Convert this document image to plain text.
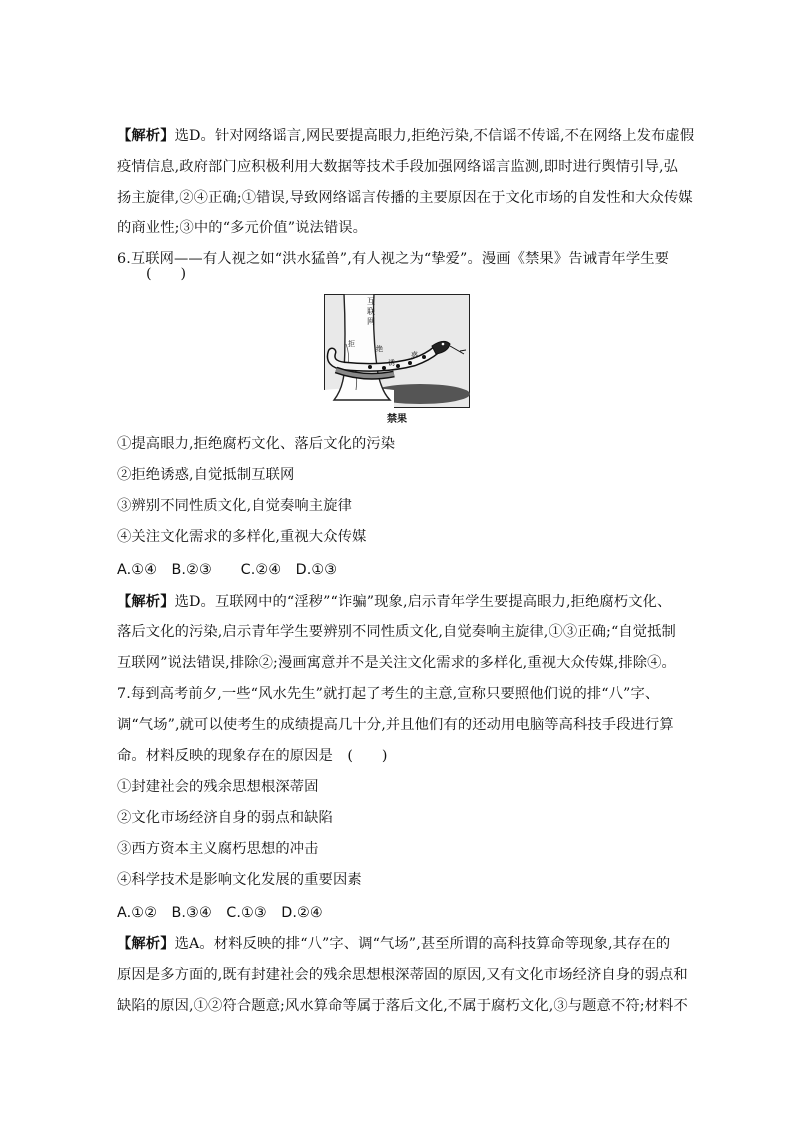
【解析】选D。针对网络谣言,网民要提高眼力,拒绝污染,不信谣不传谣,不在网络上发布虚假
疫情信息,政府部门应积极利用大数据等技术手段加强网络谣言监测,即时进行舆情引导,弘
扬主旋律,②④正确;①错误,导致网络谣言传播的主要原因在于文化市场的自发性和大众传媒
的商业性;③中的“多元价值”说法错误。
6.互联网——有人视之如“洪水猛兽”,有人视之为“挚爱”。漫画《禁果》告诫青年学生要
(　　)
互
联
网
拒
绝
诱
惑
禁果
①提高眼力,拒绝腐朽文化、落后文化的污染
②拒绝诱惑,自觉抵制互联网
③辨别不同性质文化,自觉奏响主旋律
④关注文化需求的多样化,重视大众传媒
A.①④　B.②③　　C.②④　D.①③
【解析】选D。互联网中的“淫秽”“诈骗”现象,启示青年学生要提高眼力,拒绝腐朽文化、
落后文化的污染,启示青年学生要辨别不同性质文化,自觉奏响主旋律,①③正确;“自觉抵制
互联网”说法错误,排除②;漫画寓意并不是关注文化需求的多样化,重视大众传媒,排除④。
7.每到高考前夕,一些“风水先生”就打起了考生的主意,宣称只要照他们说的排“八”字、
调“气场”,就可以使考生的成绩提高几十分,并且他们有的还动用电脑等高科技手段进行算
命。材料反映的现象存在的原因是　(　　)
①封建社会的残余思想根深蒂固
②文化市场经济自身的弱点和缺陷
③西方资本主义腐朽思想的冲击
④科学技术是影响文化发展的重要因素
A.①②　B.③④　C.①③　D.②④
【解析】选A。材料反映的排“八”字、调“气场”,甚至所谓的高科技算命等现象,其存在的
原因是多方面的,既有封建社会的残余思想根深蒂固的原因,又有文化市场经济自身的弱点和
缺陷的原因,①②符合题意;风水算命等属于落后文化,不属于腐朽文化,③与题意不符;材料不
